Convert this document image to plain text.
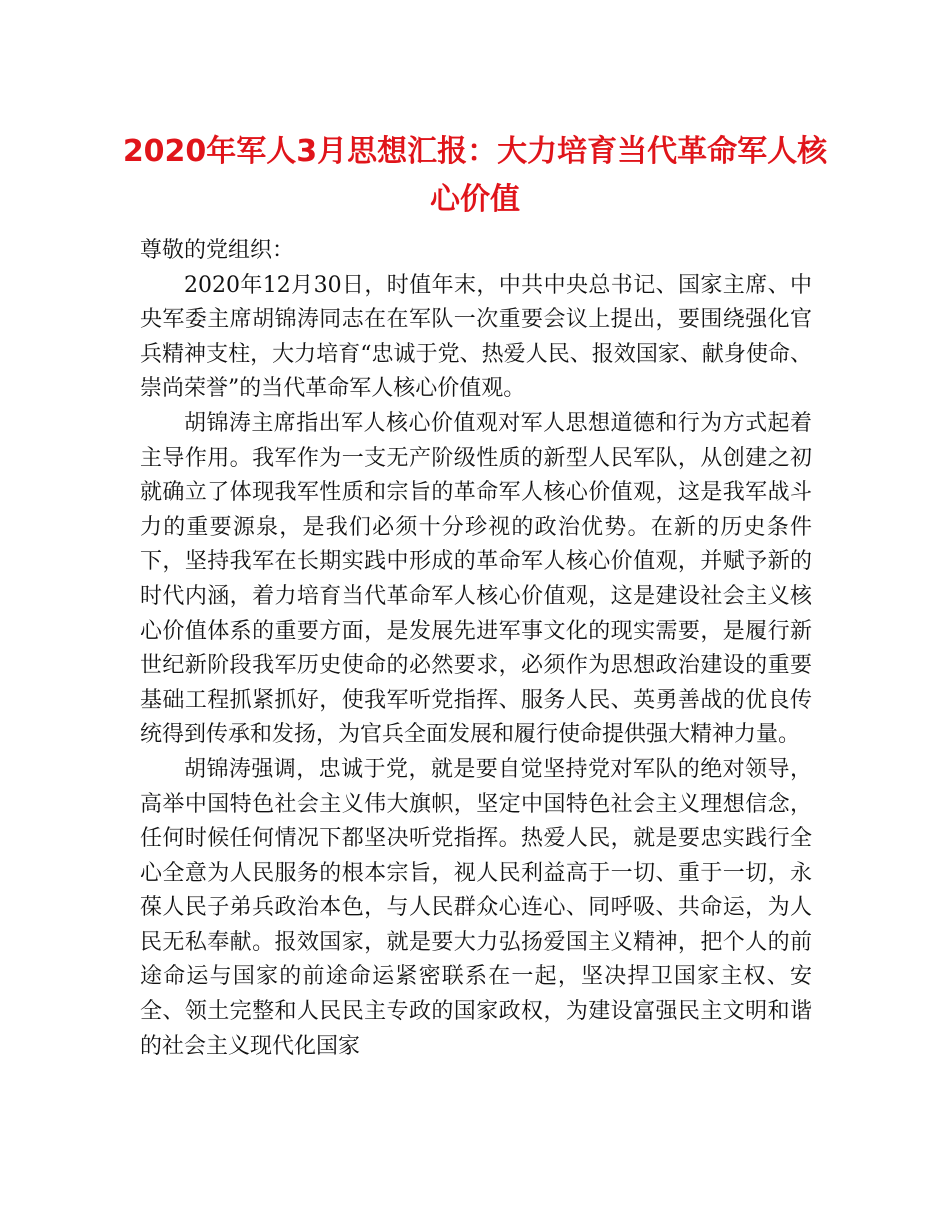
2020年军人3月思想汇报：大力培育当代革命军人核心价值

尊敬的党组织：

2020年12月30日，时值年末，中共中央总书记、国家主席、中央军委主席胡锦涛同志在在军队一次重要会议上提出，要围绕强化官兵精神支柱，大力培育“忠诚于党、热爱人民、报效国家、献身使命、崇尚荣誉”的当代革命军人核心价值观。

胡锦涛主席指出军人核心价值观对军人思想道德和行为方式起着主导作用。我军作为一支无产阶级性质的新型人民军队，从创建之初就确立了体现我军性质和宗旨的革命军人核心价值观，这是我军战斗力的重要源泉，是我们必须十分珍视的政治优势。在新的历史条件下，坚持我军在长期实践中形成的革命军人核心价值观，并赋予新的时代内涵，着力培育当代革命军人核心价值观，这是建设社会主义核心价值体系的重要方面，是发展先进军事文化的现实需要，是履行新世纪新阶段我军历史使命的必然要求，必须作为思想政治建设的重要基础工程抓紧抓好，使我军听党指挥、服务人民、英勇善战的优良传统得到传承和发扬，为官兵全面发展和履行使命提供强大精神力量。

胡锦涛强调，忠诚于党，就是要自觉坚持党对军队的绝对领导，高举中国特色社会主义伟大旗帜，坚定中国特色社会主义理想信念，任何时候任何情况下都坚决听党指挥。热爱人民，就是要忠实践行全心全意为人民服务的根本宗旨，视人民利益高于一切、重于一切，永葆人民子弟兵政治本色，与人民群众心连心、同呼吸、共命运，为人民无私奉献。报效国家，就是要大力弘扬爱国主义精神，把个人的前途命运与国家的前途命运紧密联系在一起，坚决捍卫国家主权、安全、领土完整和人民民主专政的国家政权，为建设富强民主文明和谐的社会主义现代化国家
